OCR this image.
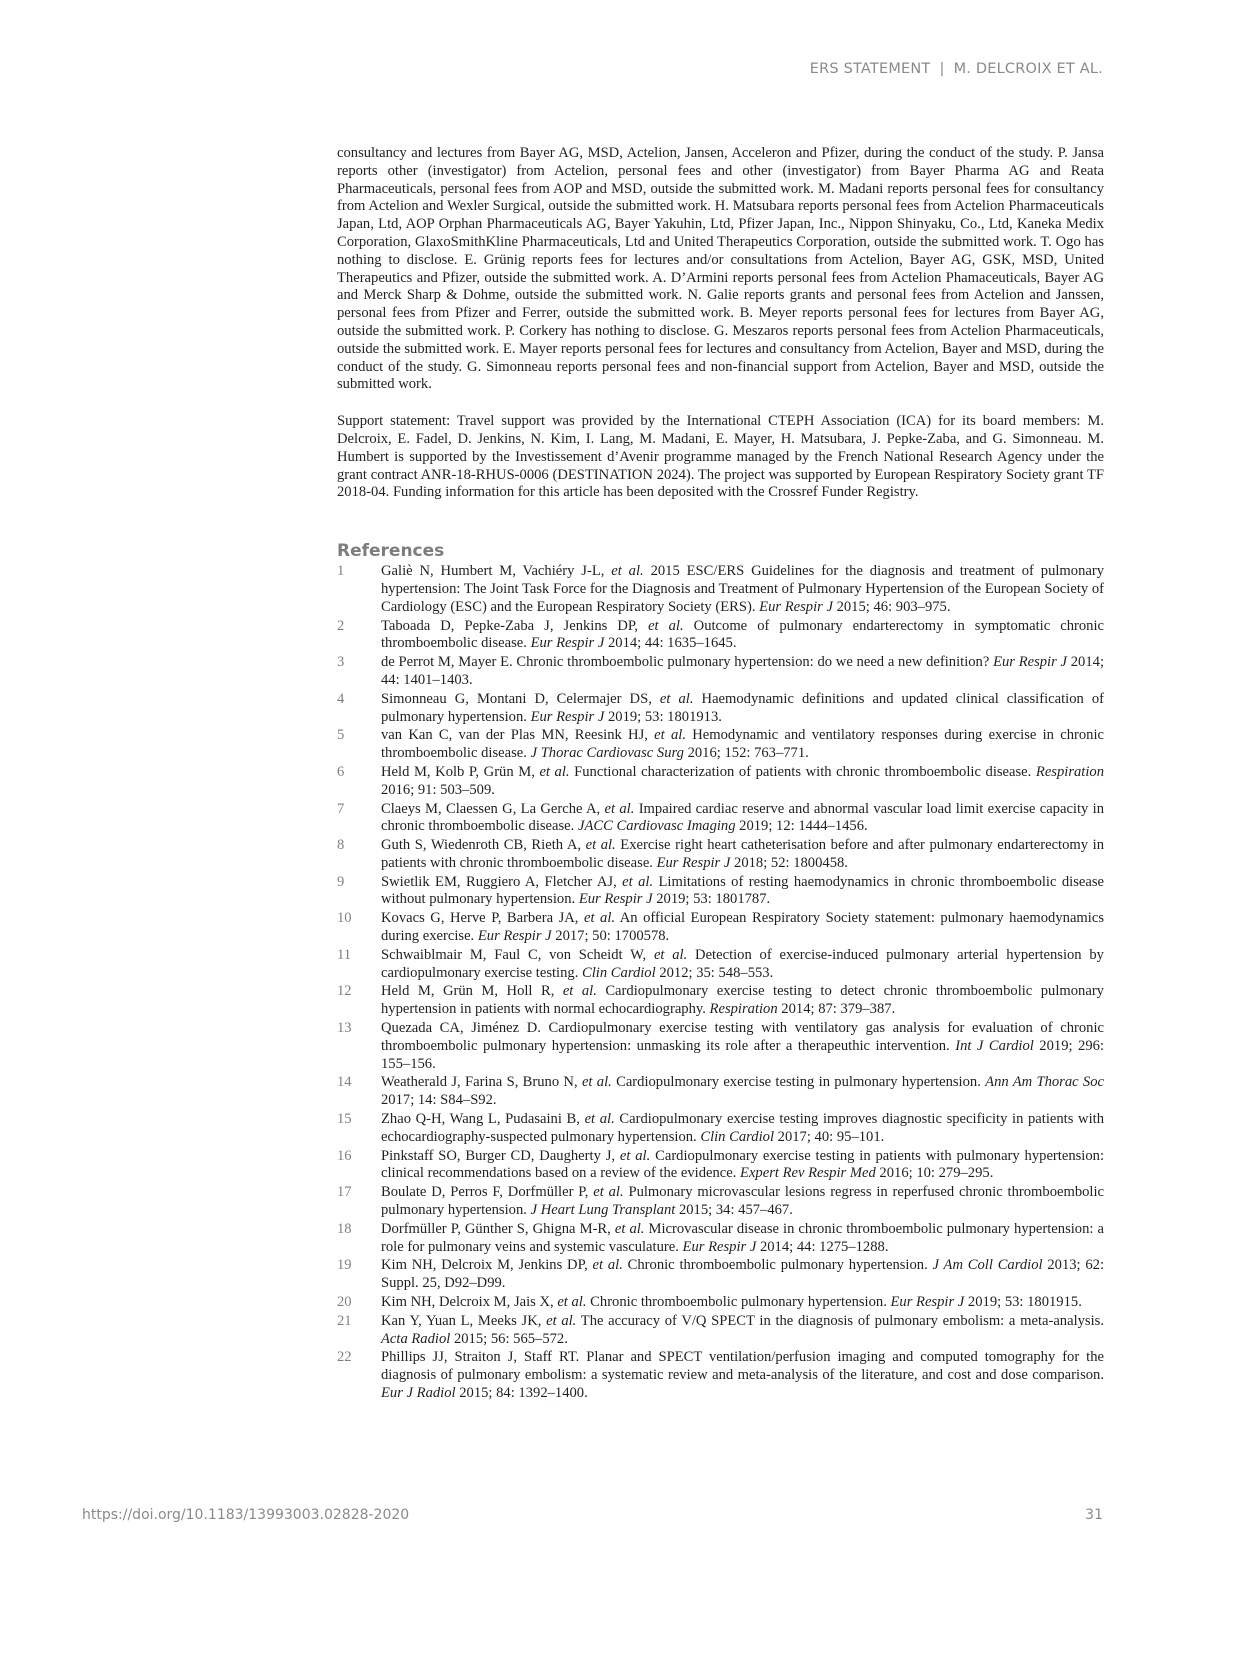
ERS STATEMENT | M. DELCROIX ET AL.

consultancy and lectures from Bayer AG, MSD, Actelion, Jansen, Acceleron and Pfizer, during the conduct of the study. P. Jansa reports other (investigator) from Actelion, personal fees and other (investigator) from Bayer Pharma AG and Reata Pharmaceuticals, personal fees from AOP and MSD, outside the submitted work. M. Madani reports personal fees for consultancy from Actelion and Wexler Surgical, outside the submitted work. H. Matsubara reports personal fees from Actelion Pharmaceuticals Japan, Ltd, AOP Orphan Pharmaceuticals AG, Bayer Yakuhin, Ltd, Pfizer Japan, Inc., Nippon Shinyaku, Co., Ltd, Kaneka Medix Corporation, GlaxoSmithKline Pharmaceuticals, Ltd and United Therapeutics Corporation, outside the submitted work. T. Ogo has nothing to disclose. E. Grünig reports fees for lectures and/or consultations from Actelion, Bayer AG, GSK, MSD, United Therapeutics and Pfizer, outside the submitted work. A. D’Armini reports personal fees from Actelion Phamaceuticals, Bayer AG and Merck Sharp & Dohme, outside the submitted work. N. Galie reports grants and personal fees from Actelion and Janssen, personal fees from Pfizer and Ferrer, outside the submitted work. B. Meyer reports personal fees for lectures from Bayer AG, outside the submitted work. P. Corkery has nothing to disclose. G. Meszaros reports personal fees from Actelion Pharmaceuticals, outside the submitted work. E. Mayer reports personal fees for lectures and consultancy from Actelion, Bayer and MSD, during the conduct of the study. G. Simonneau reports personal fees and non-financial support from Actelion, Bayer and MSD, outside the submitted work.

Support statement: Travel support was provided by the International CTEPH Association (ICA) for its board members: M. Delcroix, E. Fadel, D. Jenkins, N. Kim, I. Lang, M. Madani, E. Mayer, H. Matsubara, J. Pepke-Zaba, and G. Simonneau. M. Humbert is supported by the Investissement d’Avenir programme managed by the French National Research Agency under the grant contract ANR-18-RHUS-0006 (DESTINATION 2024). The project was supported by European Respiratory Society grant TF 2018-04. Funding information for this article has been deposited with the Crossref Funder Registry.

References
1	Galiè N, Humbert M, Vachiéry J-L, et al. 2015 ESC/ERS Guidelines for the diagnosis and treatment of pulmonary hypertension: The Joint Task Force for the Diagnosis and Treatment of Pulmonary Hypertension of the European Society of Cardiology (ESC) and the European Respiratory Society (ERS). Eur Respir J 2015; 46: 903–975.
2	Taboada D, Pepke-Zaba J, Jenkins DP, et al. Outcome of pulmonary endarterectomy in symptomatic chronic thromboembolic disease. Eur Respir J 2014; 44: 1635–1645.
3	de Perrot M, Mayer E. Chronic thromboembolic pulmonary hypertension: do we need a new definition? Eur Respir J 2014; 44: 1401–1403.
4	Simonneau G, Montani D, Celermajer DS, et al. Haemodynamic definitions and updated clinical classification of pulmonary hypertension. Eur Respir J 2019; 53: 1801913.
5	van Kan C, van der Plas MN, Reesink HJ, et al. Hemodynamic and ventilatory responses during exercise in chronic thromboembolic disease. J Thorac Cardiovasc Surg 2016; 152: 763–771.
6	Held M, Kolb P, Grün M, et al. Functional characterization of patients with chronic thromboembolic disease. Respiration 2016; 91: 503–509.
7	Claeys M, Claessen G, La Gerche A, et al. Impaired cardiac reserve and abnormal vascular load limit exercise capacity in chronic thromboembolic disease. JACC Cardiovasc Imaging 2019; 12: 1444–1456.
8	Guth S, Wiedenroth CB, Rieth A, et al. Exercise right heart catheterisation before and after pulmonary endarterectomy in patients with chronic thromboembolic disease. Eur Respir J 2018; 52: 1800458.
9	Swietlik EM, Ruggiero A, Fletcher AJ, et al. Limitations of resting haemodynamics in chronic thromboembolic disease without pulmonary hypertension. Eur Respir J 2019; 53: 1801787.
10	Kovacs G, Herve P, Barbera JA, et al. An official European Respiratory Society statement: pulmonary haemodynamics during exercise. Eur Respir J 2017; 50: 1700578.
11	Schwaiblmair M, Faul C, von Scheidt W, et al. Detection of exercise-induced pulmonary arterial hypertension by cardiopulmonary exercise testing. Clin Cardiol 2012; 35: 548–553.
12	Held M, Grün M, Holl R, et al. Cardiopulmonary exercise testing to detect chronic thromboembolic pulmonary hypertension in patients with normal echocardiography. Respiration 2014; 87: 379–387.
13	Quezada CA, Jiménez D. Cardiopulmonary exercise testing with ventilatory gas analysis for evaluation of chronic thromboembolic pulmonary hypertension: unmasking its role after a therapeuthic intervention. Int J Cardiol 2019; 296: 155–156.
14	Weatherald J, Farina S, Bruno N, et al. Cardiopulmonary exercise testing in pulmonary hypertension. Ann Am Thorac Soc 2017; 14: S84–S92.
15	Zhao Q-H, Wang L, Pudasaini B, et al. Cardiopulmonary exercise testing improves diagnostic specificity in patients with echocardiography-suspected pulmonary hypertension. Clin Cardiol 2017; 40: 95–101.
16	Pinkstaff SO, Burger CD, Daugherty J, et al. Cardiopulmonary exercise testing in patients with pulmonary hypertension: clinical recommendations based on a review of the evidence. Expert Rev Respir Med 2016; 10: 279–295.
17	Boulate D, Perros F, Dorfmüller P, et al. Pulmonary microvascular lesions regress in reperfused chronic thromboembolic pulmonary hypertension. J Heart Lung Transplant 2015; 34: 457–467.
18	Dorfmüller P, Günther S, Ghigna M-R, et al. Microvascular disease in chronic thromboembolic pulmonary hypertension: a role for pulmonary veins and systemic vasculature. Eur Respir J 2014; 44: 1275–1288.
19	Kim NH, Delcroix M, Jenkins DP, et al. Chronic thromboembolic pulmonary hypertension. J Am Coll Cardiol 2013; 62: Suppl. 25, D92–D99.
20	Kim NH, Delcroix M, Jais X, et al. Chronic thromboembolic pulmonary hypertension. Eur Respir J 2019; 53: 1801915.
21	Kan Y, Yuan L, Meeks JK, et al. The accuracy of V/Q SPECT in the diagnosis of pulmonary embolism: a meta-analysis. Acta Radiol 2015; 56: 565–572.
22	Phillips JJ, Straiton J, Staff RT. Planar and SPECT ventilation/perfusion imaging and computed tomography for the diagnosis of pulmonary embolism: a systematic review and meta-analysis of the literature, and cost and dose comparison. Eur J Radiol 2015; 84: 1392–1400.
https://doi.org/10.1183/13993003.02828-2020	31
